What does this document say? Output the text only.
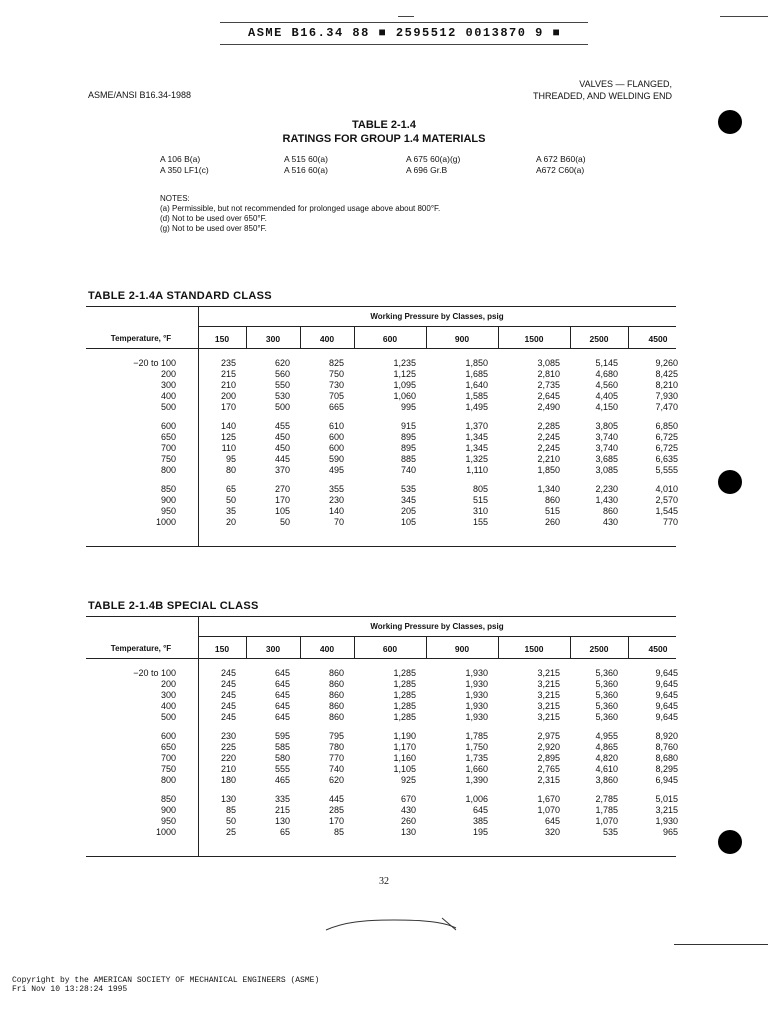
ASME B16.34 88 ■ 2595512 0013870 9 ■
ASME/ANSI B16.34-1988
VALVES — FLANGED,
THREADED, AND WELDING END
TABLE 2-1.4
RATINGS FOR GROUP 1.4 MATERIALS
A 106 B(a)	A 515 60(a)	A 675 60(a)(g)	A 672 B60(a)
A 350 LF1(c)	A 516 60(a)	A 696 Gr.B	A672 C60(a)
NOTES:
(a) Permissible, but not recommended for prolonged usage above about 800°F.
(d) Not to be used over 650°F.
(g) Not to be used over 850°F.
TABLE 2-1.4A STANDARD CLASS
Working Pressure by Classes, psig
Temperature, °F	150	300	400	600	900	1500	2500	4500
−20 to 100	235	620	825	1,235	1,850	3,085	5,145	9,260
200	215	560	750	1,125	1,685	2,810	4,680	8,425
300	210	550	730	1,095	1,640	2,735	4,560	8,210
400	200	530	705	1,060	1,585	2,645	4,405	7,930
500	170	500	665	995	1,495	2,490	4,150	7,470
600	140	455	610	915	1,370	2,285	3,805	6,850
650	125	450	600	895	1,345	2,245	3,740	6,725
700	110	450	600	895	1,345	2,245	3,740	6,725
750	95	445	590	885	1,325	2,210	3,685	6,635
800	80	370	495	740	1,110	1,850	3,085	5,555
850	65	270	355	535	805	1,340	2,230	4,010
900	50	170	230	345	515	860	1,430	2,570
950	35	105	140	205	310	515	860	1,545
1000	20	50	70	105	155	260	430	770
TABLE 2-1.4B SPECIAL CLASS
Working Pressure by Classes, psig
Temperature, °F	150	300	400	600	900	1500	2500	4500
−20 to 100	245	645	860	1,285	1,930	3,215	5,360	9,645
200	245	645	860	1,285	1,930	3,215	5,360	9,645
300	245	645	860	1,285	1,930	3,215	5,360	9,645
400	245	645	860	1,285	1,930	3,215	5,360	9,645
500	245	645	860	1,285	1,930	3,215	5,360	9,645
600	230	595	795	1,190	1,785	2,975	4,955	8,920
650	225	585	780	1,170	1,750	2,920	4,865	8,760
700	220	580	770	1,160	1,735	2,895	4,820	8,680
750	210	555	740	1,105	1,660	2,765	4,610	8,295
800	180	465	620	925	1,390	2,315	3,860	6,945
850	130	335	445	670	1,006	1,670	2,785	5,015
900	85	215	285	430	645	1,070	1,785	3,215
950	50	130	170	260	385	645	1,070	1,930
1000	25	65	85	130	195	320	535	965
32
Copyright by the AMERICAN SOCIETY OF MECHANICAL ENGINEERS (ASME)
Fri Nov 10 13:28:24 1995
